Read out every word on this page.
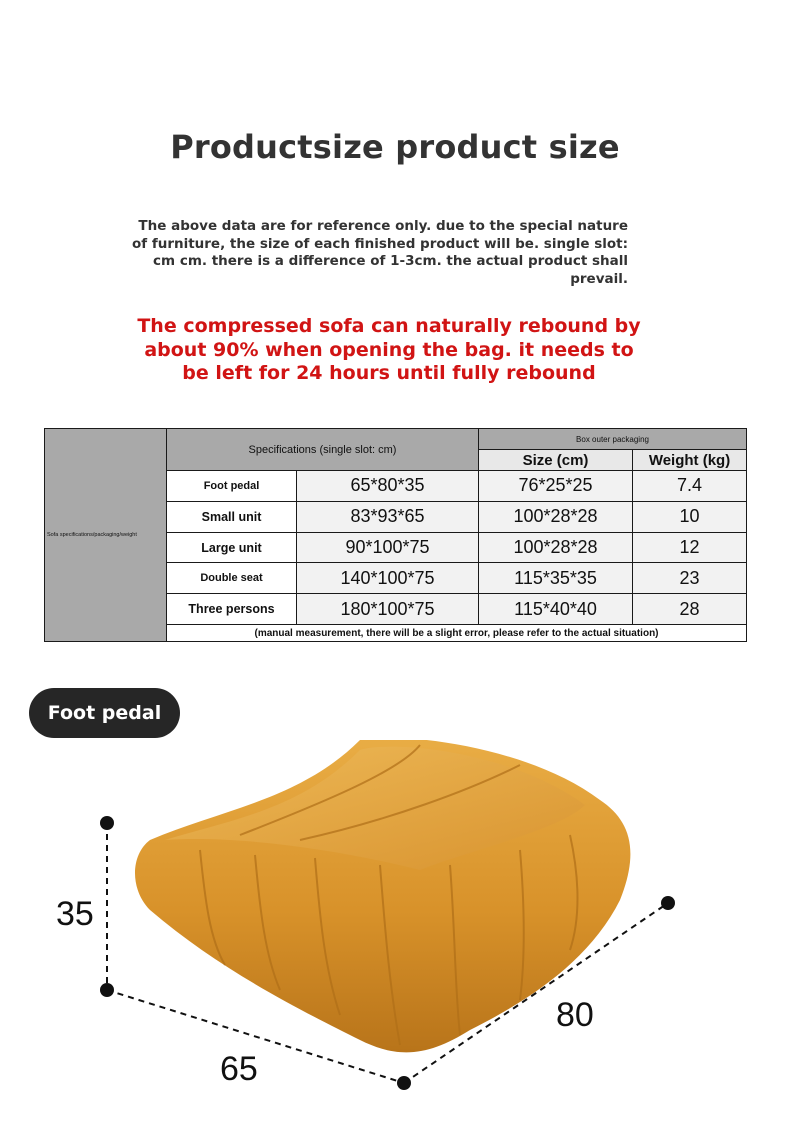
Productsize product size
The above data are for reference only. due to the special nature of furniture, the size of each finished product will be. single slot: cm cm. there is a difference of 1-3cm. the actual product shall prevail.
The compressed sofa can naturally rebound by about 90% when opening the bag. it needs to be left for 24 hours until fully rebound
Sofa specifications/packaging/weight	Specifications (single slot: cm)		Box outer packaging	
			Size (cm)	Weight (kg)
	Foot pedal	65*80*35	76*25*25	7.4
	Small unit	83*93*65	100*28*28	10
	Large unit	90*100*75	100*28*28	12
	Double seat	140*100*75	115*35*35	23
	Three persons	180*100*75	115*40*40	28
	(manual measurement, there will be a slight error, please refer to the actual situation)			
Foot pedal
35
65
80
